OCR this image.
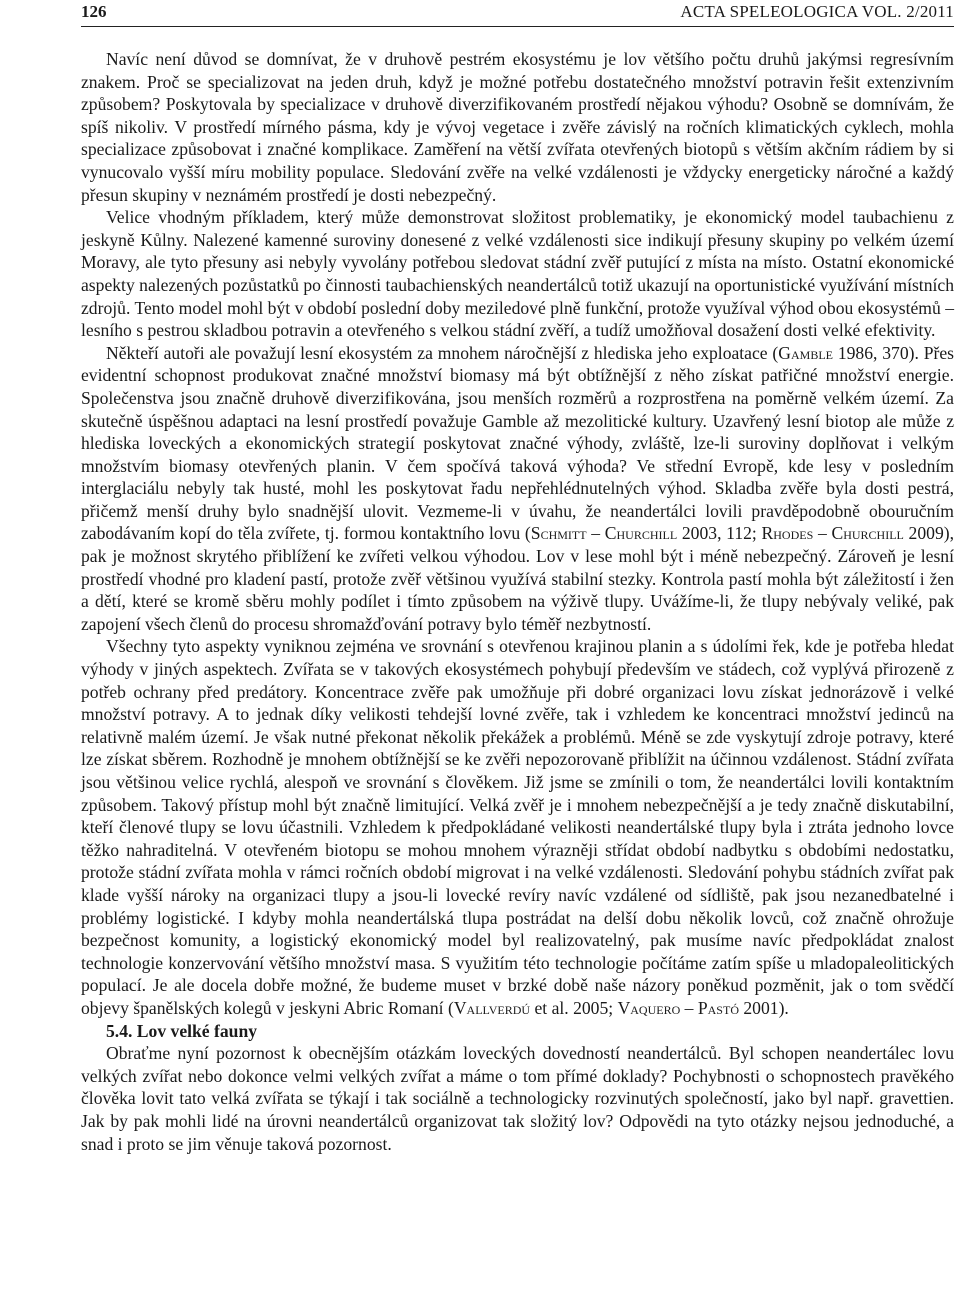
126	ACTA SPELEOLOGICA VOL. 2/2011

Navíc není důvod se domnívat, že v druhově pestrém ekosystému je lov většího počtu druhů jakýmsi regresívním znakem. Proč se specializovat na jeden druh, když je možné potřebu dostatečného množství potravin řešit extenzivním způsobem? Poskytovala by specializace v druhově diverzifikovaném prostředí nějakou výhodu? Osobně se domnívám, že spíš nikoliv. V prostředí mírného pásma, kdy je vývoj vegetace i zvěře závislý na ročních klimatických cyklech, mohla specializace způsobovat i značné komplikace. Zaměření na větší zvířata otevřených biotopů s větším akčním rádiem by si vynucovalo vyšší míru mobility populace. Sledování zvěře na velké vzdálenosti je vždycky energeticky náročné a každý přesun skupiny v neznámém prostředí je dosti nebezpečný.

Velice vhodným příkladem, který může demonstrovat složitost problematiky, je ekonomický model taubachienu z jeskyně Kůlny. Nalezené kamenné suroviny donesené z velké vzdálenosti sice indikují přesuny skupiny po velkém území Moravy, ale tyto přesuny asi nebyly vyvolány potřebou sledovat stádní zvěř putující z místa na místo. Ostatní ekonomické aspekty nalezených pozůstatků po činnosti taubachienských neandertálců totiž ukazují na oportunistické využívání místních zdrojů. Tento model mohl být v období poslední doby meziledové plně funkční, protože využíval výhod obou ekosystémů – lesního s pestrou skladbou potravin a otevřeného s velkou stádní zvěří, a tudíž umožňoval dosažení dosti velké efektivity.

Někteří autoři ale považují lesní ekosystém za mnohem náročnější z hlediska jeho exploatace (Gamble 1986, 370). Přes evidentní schopnost produkovat značné množství biomasy má být obtížnější z něho získat patřičné množství energie. Společenstva jsou značně druhově diverzifikována, jsou menších rozměrů a rozprostřena na poměrně velkém území. Za skutečně úspěšnou adaptaci na lesní prostředí považuje Gamble až mezolitické kultury. Uzavřený lesní biotop ale může z hlediska loveckých a ekonomických strategií poskytovat značné výhody, zvláště, lze-li suroviny doplňovat i velkým množstvím biomasy otevřených planin. V čem spočívá taková výhoda? Ve střední Evropě, kde lesy v posledním interglaciálu nebyly tak husté, mohl les poskytovat řadu nepřehlédnutelných výhod. Skladba zvěře byla dosti pestrá, přičemž menší druhy bylo snadnější ulovit. Vezmeme-li v úvahu, že neandertálci lovili pravděpodobně obouručním zabodávaním kopí do těla zvířete, tj. formou kontaktního lovu (Schmitt – Churchill 2003, 112; Rhodes – Churchill 2009), pak je možnost skrytého přiblížení ke zvířeti velkou výhodou. Lov v lese mohl být i méně nebezpečný. Zároveň je lesní prostředí vhodné pro kladení pastí, protože zvěř většinou využívá stabilní stezky. Kontrola pastí mohla být záležitostí i žen a dětí, které se kromě sběru mohly podílet i tímto způsobem na výživě tlupy. Uvážíme-li, že tlupy nebývaly veliké, pak zapojení všech členů do procesu shromažďování potravy bylo téměř nezbytností.

Všechny tyto aspekty vyniknou zejména ve srovnání s otevřenou krajinou planin a s údolími řek, kde je potřeba hledat výhody v jiných aspektech. Zvířata se v takových ekosystémech pohybují především ve stádech, což vyplývá přirozeně z potřeb ochrany před predátory. Koncentrace zvěře pak umožňuje při dobré organizaci lovu získat jednorázově i velké množství potravy. A to jednak díky velikosti tehdejší lovné zvěře, tak i vzhledem ke koncentraci množství jedinců na relativně malém území. Je však nutné překonat několik překážek a problémů. Méně se zde vyskytují zdroje potravy, které lze získat sběrem. Rozhodně je mnohem obtížnější se ke zvěři nepozorovaně přiblížit na účinnou vzdálenost. Stádní zvířata jsou většinou velice rychlá, alespoň ve srovnání s člověkem. Již jsme se zmínili o tom, že neandertálci lovili kontaktním způsobem. Takový přístup mohl být značně limitující. Velká zvěř je i mnohem nebezpečnější a je tedy značně diskutabilní, kteří členové tlupy se lovu účastnili. Vzhledem k předpokládané velikosti neandertálské tlupy byla i ztráta jednoho lovce těžko nahraditelná. V otevřeném biotopu se mohou mnohem výrazněji střídat období nadbytku s obdobími nedostatku, protože stádní zvířata mohla v rámci ročních období migrovat i na velké vzdálenosti. Sledování pohybu stádních zvířat pak klade vyšší nároky na organizaci tlupy a jsou-li lovecké revíry navíc vzdálené od sídliště, pak jsou nezanedbatelné i problémy logistické. I kdyby mohla neandertálská tlupa postrádat na delší dobu několik lovců, což značně ohrožuje bezpečnost komunity, a logistický ekonomický model byl realizovatelný, pak musíme navíc předpokládat znalost technologie konzervování většího množství masa. S využitím této technologie počítáme zatím spíše u mladopaleolitických populací. Je ale docela dobře možné, že budeme muset v brzké době naše názory poněkud pozměnit, jak o tom svědčí objevy španělských kolegů v jeskyni Abric Romaní (Vallverdú et al. 2005; Vaquero – Pastó 2001).

5.4. Lov velké fauny

Obraťme nyní pozornost k obecnějším otázkám loveckých dovedností neandertálců. Byl schopen neandertálec lovu velkých zvířat nebo dokonce velmi velkých zvířat a máme o tom přímé doklady? Pochybnosti o schopnostech pravěkého člověka lovit tato velká zvířata se týkají i tak sociálně a technologicky rozvinutých společností, jako byl např. gravettien. Jak by pak mohli lidé na úrovni neandertálců organizovat tak složitý lov? Odpovědi na tyto otázky nejsou jednoduché, a snad i proto se jim věnuje taková pozornost.
